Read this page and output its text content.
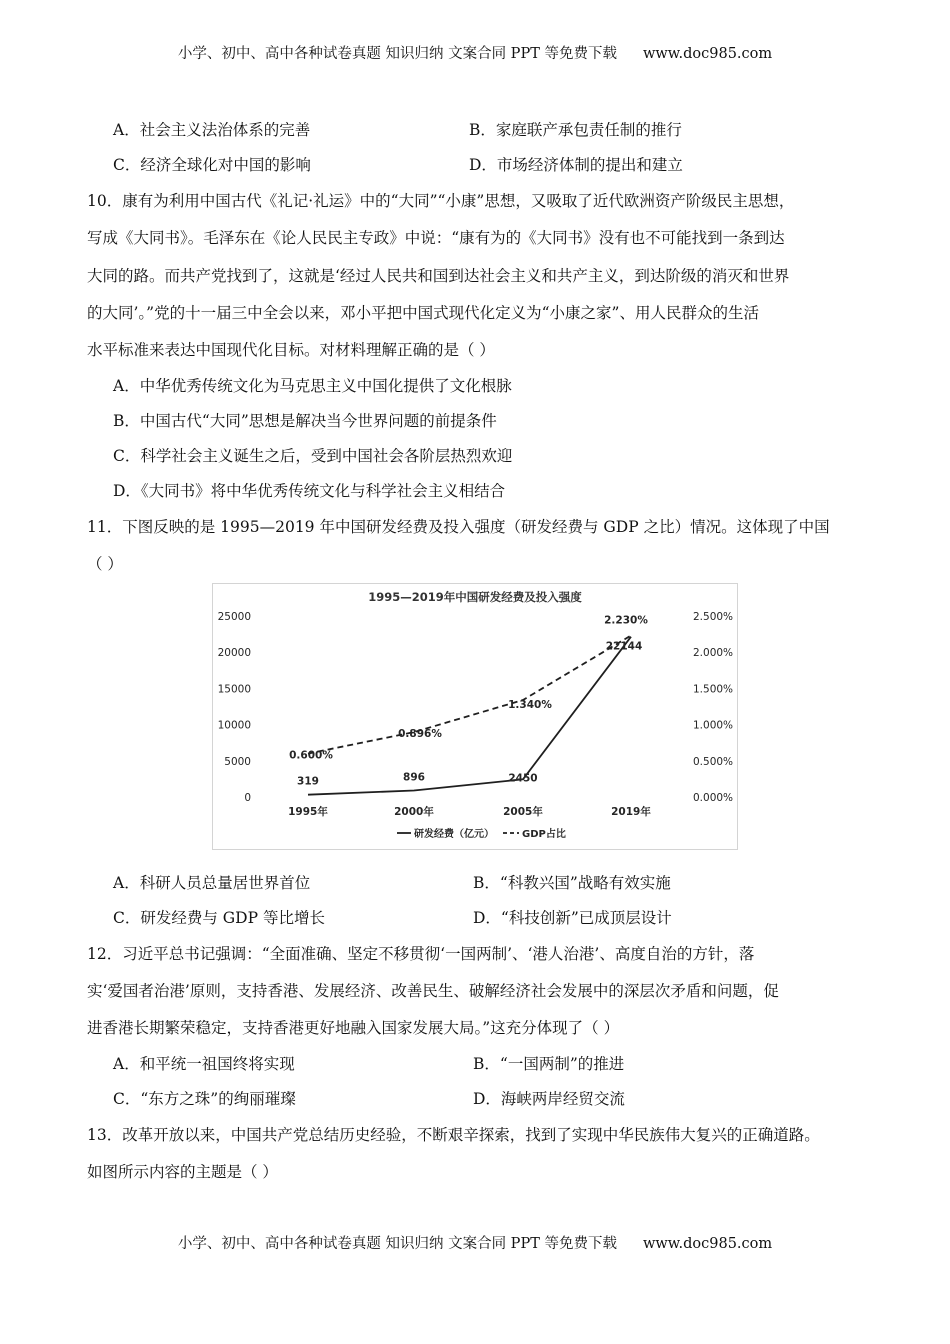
小学、初中、高中各种试卷真题 知识归纳 文案合同 PPT 等免费下载 www.doc985.com
A．社会主义法治体系的完善	B．家庭联产承包责任制的推行
C．经济全球化对中国的影响	D．市场经济体制的提出和建立
10．康有为利用中国古代《礼记·礼运》中的“大同”“小康”思想，又吸取了近代欧洲资产阶级民主思想，
写成《大同书》。毛泽东在《论人民民主专政》中说：“康有为的《大同书》没有也不可能找到一条到达
大同的路。而共产党找到了，这就是‘经过人民共和国到达社会主义和共产主义，到达阶级的消灭和世界
的大同’。”党的十一届三中全会以来，邓小平把中国式现代化定义为“小康之家”、用人民群众的生活
水平标准来表达中国现代化目标。对材料理解正确的是（ ）
A．中华优秀传统文化为马克思主义中国化提供了文化根脉
B．中国古代“大同”思想是解决当今世界问题的前提条件
C．科学社会主义诞生之后，受到中国社会各阶层热烈欢迎
D．《大同书》将中华优秀传统文化与科学社会主义相结合
11．下图反映的是 1995—2019 年中国研发经费及投入强度（研发经费与 GDP 之比）情况。这体现了中国
（ ）
1995—2019年中国研发经费及投入强度
0
5000
10000
15000
20000
25000
0.000%
0.500%
1.000%
1.500%
2.000%
2.500%
1995年	2000年	2005年	2019年
319	896	2450
22144
0.600%
0.896%
1.340%
2.230%
研发经费（亿元）	GDP占比
A．科研人员总量居世界首位	B．“科教兴国”战略有效实施
C．研发经费与 GDP 等比增长	D．“科技创新”已成顶层设计
12．习近平总书记强调：“全面准确、坚定不移贯彻‘一国两制’、‘港人治港’、高度自治的方针，落
实‘爱国者治港’原则，支持香港、发展经济、改善民生、破解经济社会发展中的深层次矛盾和问题，促
进香港长期繁荣稳定，支持香港更好地融入国家发展大局。”这充分体现了（ ）
A．和平统一祖国终将实现	B．“一国两制”的推进
C．“东方之珠”的绚丽璀璨	D．海峡两岸经贸交流
13．改革开放以来，中国共产党总结历史经验，不断艰辛探索，找到了实现中华民族伟大复兴的正确道路。
如图所示内容的主题是（ ）
小学、初中、高中各种试卷真题 知识归纳 文案合同 PPT 等免费下载 www.doc985.com
